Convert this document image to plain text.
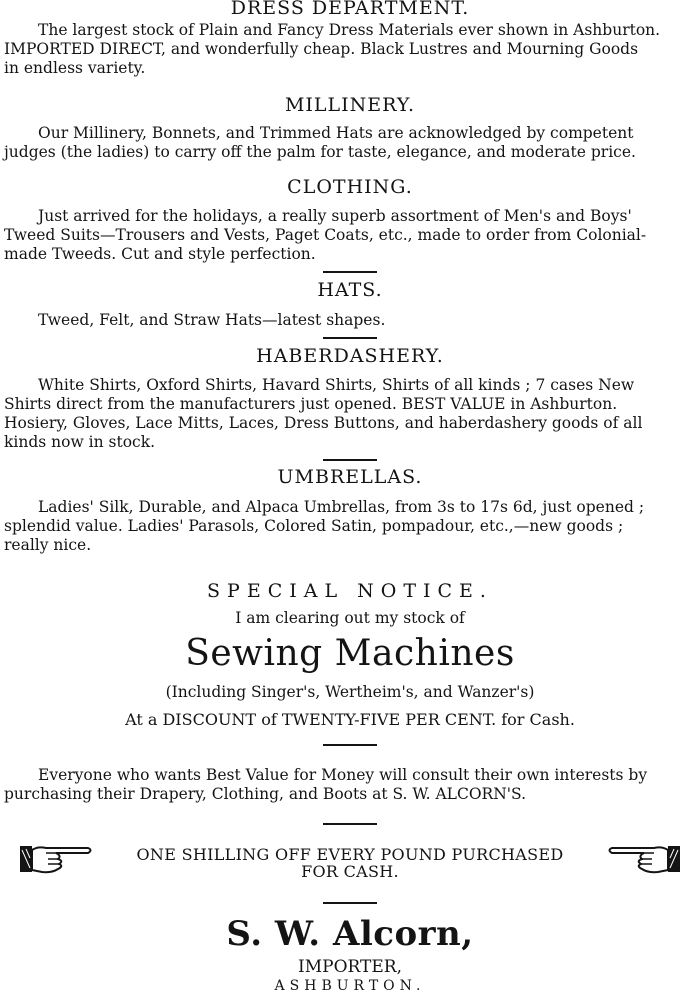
DRESS DEPARTMENT.
The largest stock of Plain and Fancy Dress Materials ever shown in Ashburton.
IMPORTED DIRECT, and wonderfully cheap. Black Lustres and Mourning Goods
in endless variety.
MILLINERY.
Our Millinery, Bonnets, and Trimmed Hats are acknowledged by competent
judges (the ladies) to carry off the palm for taste, elegance, and moderate price.
CLOTHING.
Just arrived for the holidays, a really superb assortment of Men's and Boys'
Tweed Suits—Trousers and Vests, Paget Coats, etc., made to order from Colonial-
made Tweeds. Cut and style perfection.
HATS.
Tweed, Felt, and Straw Hats—latest shapes.
HABERDASHERY.
White Shirts, Oxford Shirts, Havard Shirts, Shirts of all kinds ; 7 cases New
Shirts direct from the manufacturers just opened. BEST VALUE in Ashburton.
Hosiery, Gloves, Lace Mitts, Laces, Dress Buttons, and haberdashery goods of all
kinds now in stock.
UMBRELLAS.
Ladies' Silk, Durable, and Alpaca Umbrellas, from 3s to 17s 6d, just opened ;
splendid value. Ladies' Parasols, Colored Satin, pompadour, etc.,—new goods ;
really nice.
SPECIAL NOTICE.
I am clearing out my stock of
Sewing Machines
(Including Singer's, Wertheim's, and Wanzer's)
At a DISCOUNT of TWENTY-FIVE PER CENT. for Cash.
Everyone who wants Best Value for Money will consult their own interests by
purchasing their Drapery, Clothing, and Boots at S. W. ALCORN'S.
ONE SHILLING OFF EVERY POUND PURCHASED
FOR CASH.
S. W. Alcorn,
IMPORTER,
ASHBURTON.
